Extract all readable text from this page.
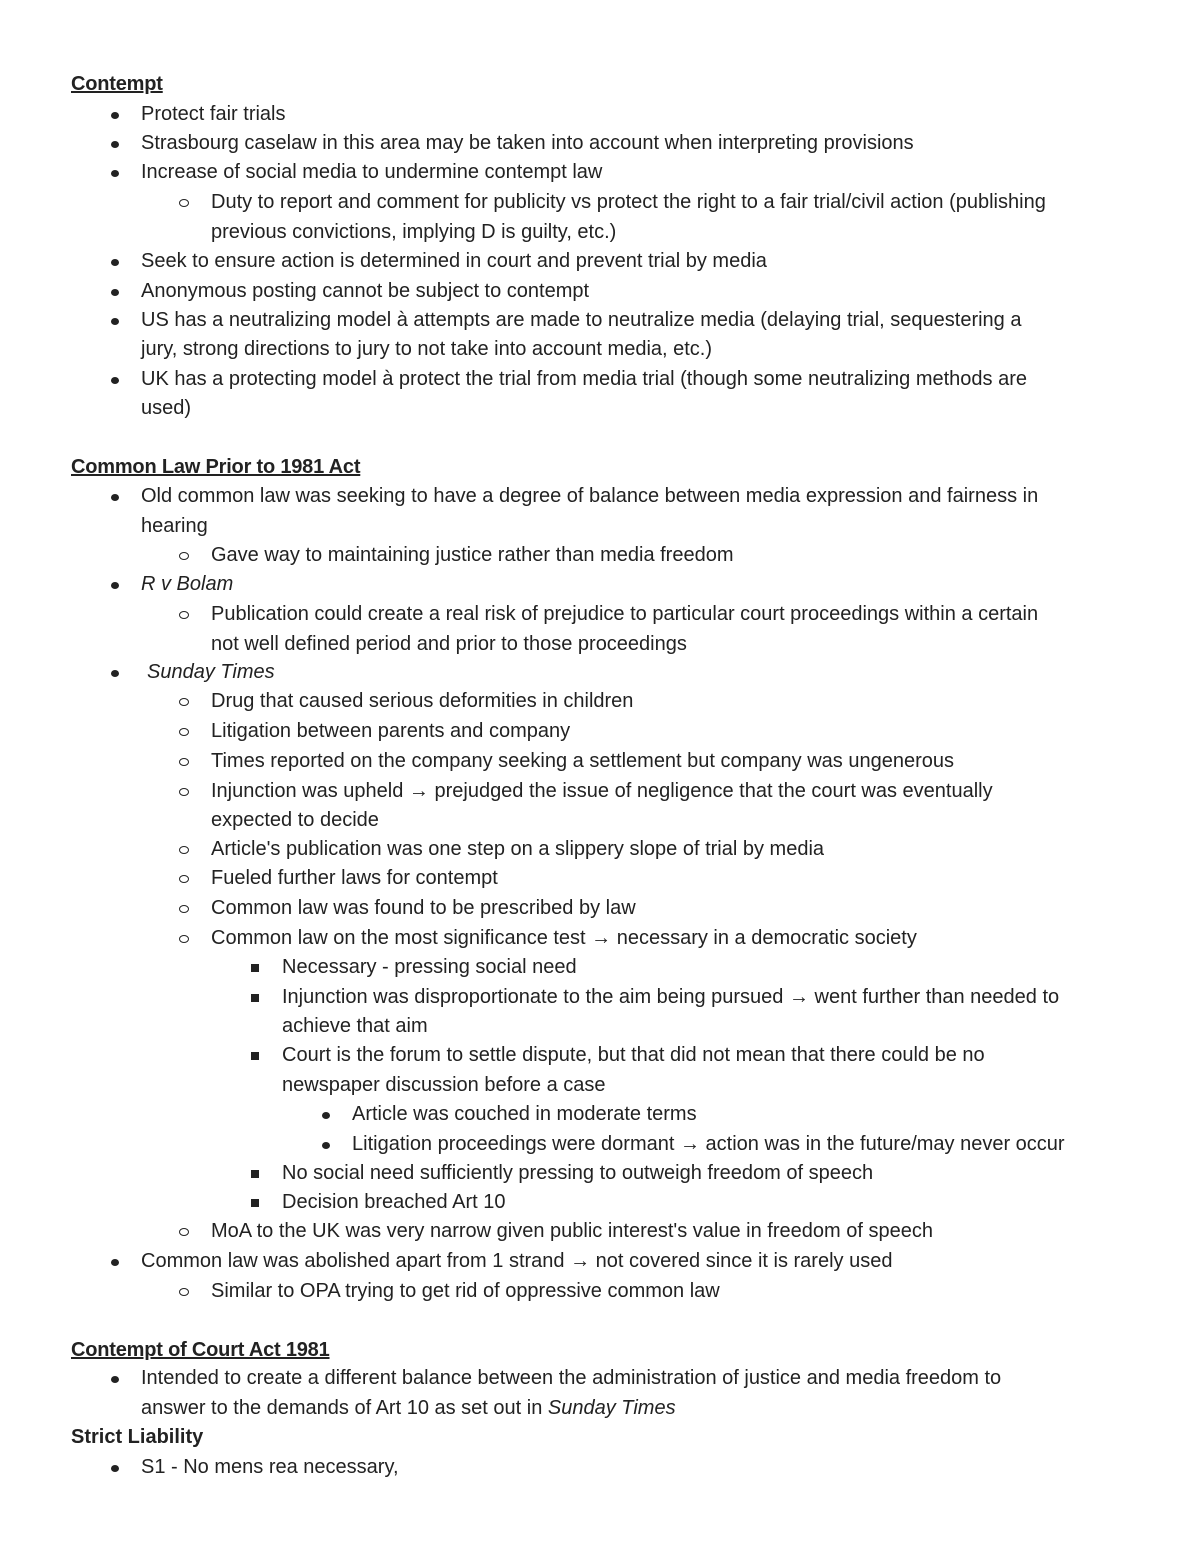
Contempt
Protect fair trials
Strasbourg caselaw in this area may be taken into account when interpreting provisions
Increase of social media to undermine contempt law
Duty to report and comment for publicity vs protect the right to a fair trial/civil action (publishing
previous convictions, implying D is guilty, etc.)
Seek to ensure action is determined in court and prevent trial by media
Anonymous posting cannot be subject to contempt
US has a neutralizing model à attempts are made to neutralize media (delaying trial, sequestering a
jury, strong directions to jury to not take into account media, etc.)
UK has a protecting model à protect the trial from media trial (though some neutralizing methods are
used)
Common Law Prior to 1981 Act
Old common law was seeking to have a degree of balance between media expression and fairness in
hearing
Gave way to maintaining justice rather than media freedom
R v Bolam
Publication could create a real risk of prejudice to particular court proceedings within a certain
not well defined period and prior to those proceedings
Sunday Times
Drug that caused serious deformities in children
Litigation between parents and company
Times reported on the company seeking a settlement but company was ungenerous
Injunction was upheld → prejudged the issue of negligence that the court was eventually
expected to decide
Article's publication was one step on a slippery slope of trial by media
Fueled further laws for contempt
Common law was found to be prescribed by law
Common law on the most significance test → necessary in a democratic society
Necessary - pressing social need
Injunction was disproportionate to the aim being pursued → went further than needed to
achieve that aim
Court is the forum to settle dispute, but that did not mean that there could be no
newspaper discussion before a case
Article was couched in moderate terms
Litigation proceedings were dormant → action was in the future/may never occur
No social need sufficiently pressing to outweigh freedom of speech
Decision breached Art 10
MoA to the UK was very narrow given public interest's value in freedom of speech
Common law was abolished apart from 1 strand → not covered since it is rarely used
Similar to OPA trying to get rid of oppressive common law
Contempt of Court Act 1981
Intended to create a different balance between the administration of justice and media freedom to
answer to the demands of Art 10 as set out in Sunday Times
Strict Liability
S1 - No mens rea necessary,
